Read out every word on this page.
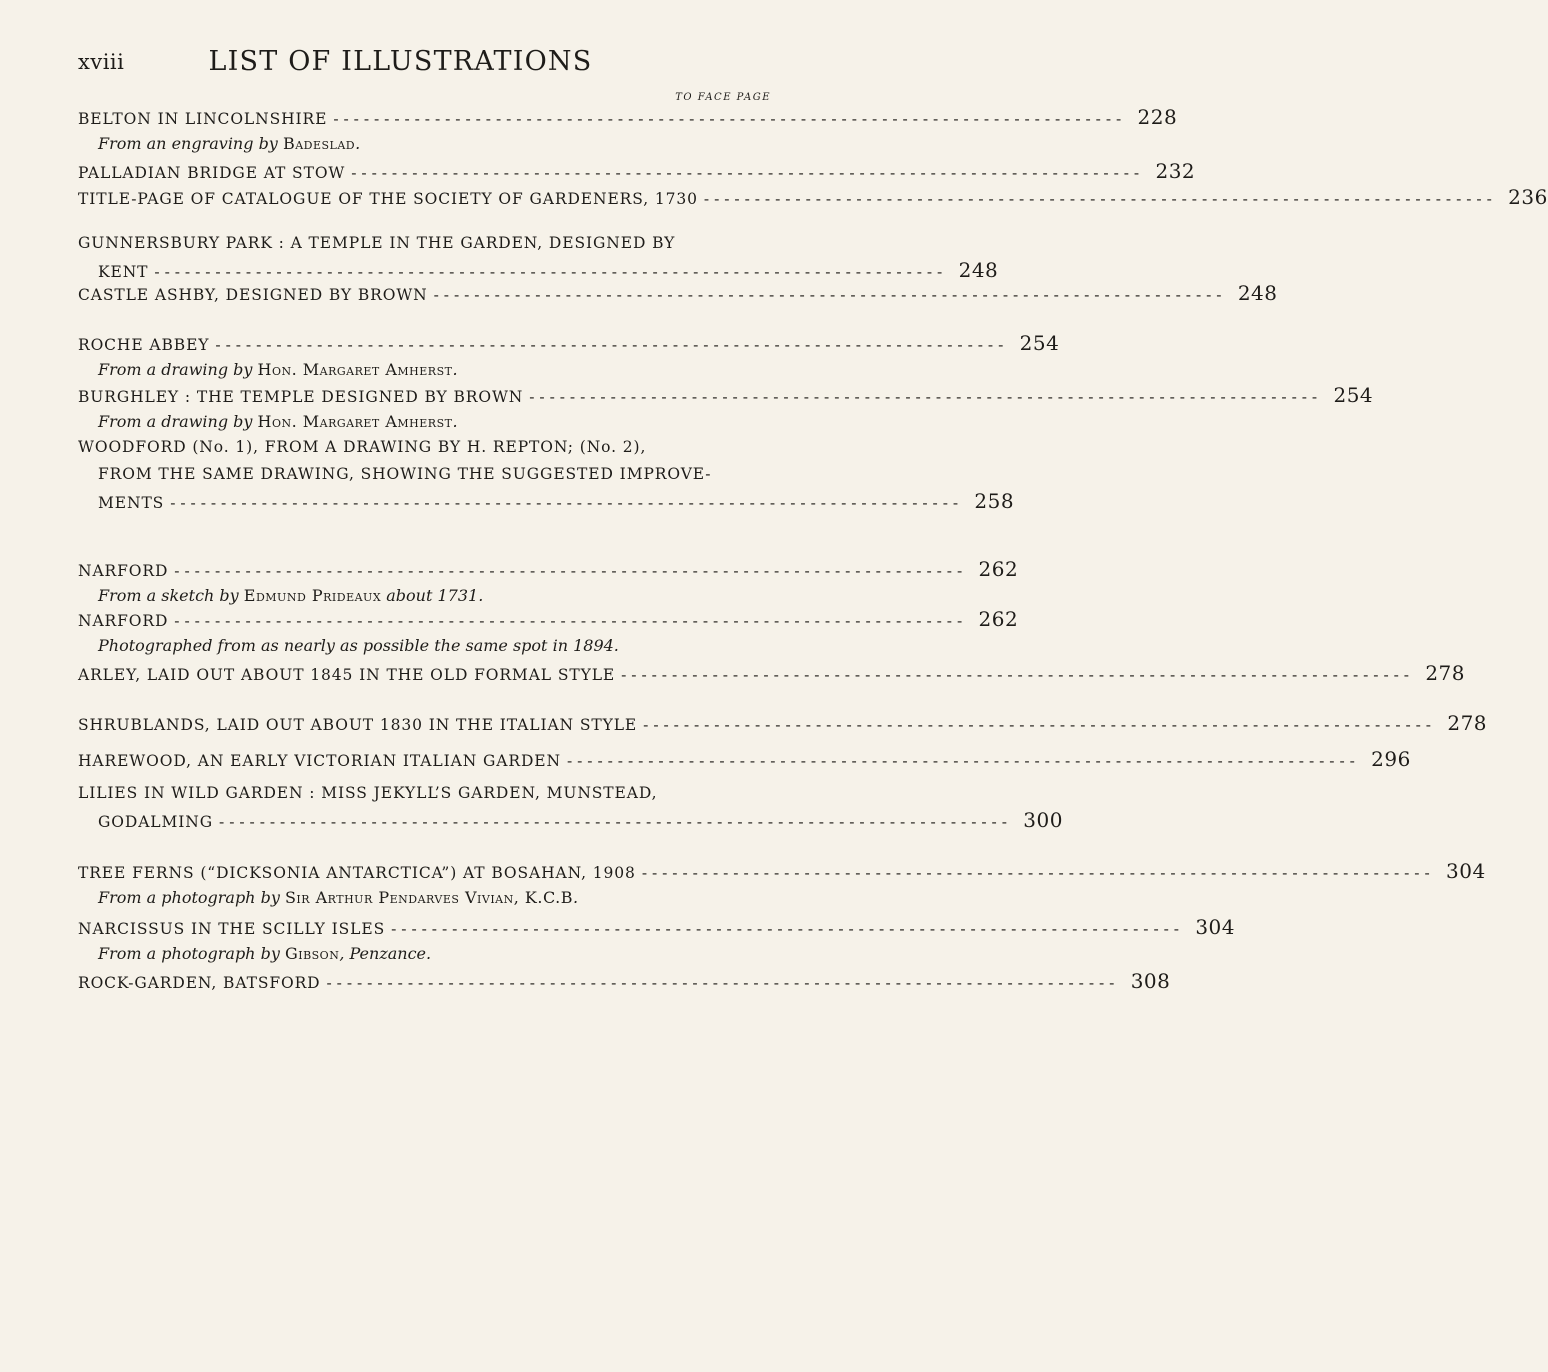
xviii	LIST OF ILLUSTRATIONS
TO FACE PAGE
BELTON IN LINCOLNSHIRE - - - - - - - - - - - - - - - - - - - - - - - - - - - - - - - - - - - - - - - - - - - - - - - - - - - - - - - - - - - - - - - - - - - - - - - - - - - - - - 228
From an engraving by Badeslad.
PALLADIAN BRIDGE AT STOW - - - - - - - - - - - - - - - - - - - - - - - - - - - - - - - - - - - - - - - - - - - - - - - - - - - - - - - - - - - - - - - - - - - - - - - - - - - - - - 232
TITLE-PAGE OF CATALOGUE OF THE SOCIETY OF GARDENERS, 1730 - - - - - - - - - - - - - - - - - - - - - - - - - - - - - - - - - - - - - - - - - - - - - - - - - - - - - - - - - - - - - - - - - - - - - - - - - - - - - - 236
GUNNERSBURY PARK : A TEMPLE IN THE GARDEN, DESIGNED BY
KENT - - - - - - - - - - - - - - - - - - - - - - - - - - - - - - - - - - - - - - - - - - - - - - - - - - - - - - - - - - - - - - - - - - - - - - - - - - - - - - 248
CASTLE ASHBY, DESIGNED BY BROWN - - - - - - - - - - - - - - - - - - - - - - - - - - - - - - - - - - - - - - - - - - - - - - - - - - - - - - - - - - - - - - - - - - - - - - - - - - - - - - 248
ROCHE ABBEY - - - - - - - - - - - - - - - - - - - - - - - - - - - - - - - - - - - - - - - - - - - - - - - - - - - - - - - - - - - - - - - - - - - - - - - - - - - - - - 254
From a drawing by Hon. Margaret Amherst.
BURGHLEY : THE TEMPLE DESIGNED BY BROWN - - - - - - - - - - - - - - - - - - - - - - - - - - - - - - - - - - - - - - - - - - - - - - - - - - - - - - - - - - - - - - - - - - - - - - - - - - - - - - 254
From a drawing by Hon. Margaret Amherst.
WOODFORD (No. 1), FROM A DRAWING BY H. REPTON; (No. 2),
FROM THE SAME DRAWING, SHOWING THE SUGGESTED IMPROVE-
MENTS - - - - - - - - - - - - - - - - - - - - - - - - - - - - - - - - - - - - - - - - - - - - - - - - - - - - - - - - - - - - - - - - - - - - - - - - - - - - - - 258
NARFORD - - - - - - - - - - - - - - - - - - - - - - - - - - - - - - - - - - - - - - - - - - - - - - - - - - - - - - - - - - - - - - - - - - - - - - - - - - - - - - 262
From a sketch by Edmund Prideaux about 1731.
NARFORD - - - - - - - - - - - - - - - - - - - - - - - - - - - - - - - - - - - - - - - - - - - - - - - - - - - - - - - - - - - - - - - - - - - - - - - - - - - - - - 262
Photographed from as nearly as possible the same spot in 1894.
ARLEY, LAID OUT ABOUT 1845 IN THE OLD FORMAL STYLE - - - - - - - - - - - - - - - - - - - - - - - - - - - - - - - - - - - - - - - - - - - - - - - - - - - - - - - - - - - - - - - - - - - - - - - - - - - - - - 278
SHRUBLANDS, LAID OUT ABOUT 1830 IN THE ITALIAN STYLE - - - - - - - - - - - - - - - - - - - - - - - - - - - - - - - - - - - - - - - - - - - - - - - - - - - - - - - - - - - - - - - - - - - - - - - - - - - - - - 278
HAREWOOD, AN EARLY VICTORIAN ITALIAN GARDEN - - - - - - - - - - - - - - - - - - - - - - - - - - - - - - - - - - - - - - - - - - - - - - - - - - - - - - - - - - - - - - - - - - - - - - - - - - - - - - 296
LILIES IN WILD GARDEN : MISS JEKYLL’S GARDEN, MUNSTEAD,
GODALMING - - - - - - - - - - - - - - - - - - - - - - - - - - - - - - - - - - - - - - - - - - - - - - - - - - - - - - - - - - - - - - - - - - - - - - - - - - - - - - 300
TREE FERNS (“DICKSONIA ANTARCTICA”) AT BOSAHAN, 1908 - - - - - - - - - - - - - - - - - - - - - - - - - - - - - - - - - - - - - - - - - - - - - - - - - - - - - - - - - - - - - - - - - - - - - - - - - - - - - - 304
From a photograph by Sir Arthur Pendarves Vivian, K.C.B.
NARCISSUS IN THE SCILLY ISLES - - - - - - - - - - - - - - - - - - - - - - - - - - - - - - - - - - - - - - - - - - - - - - - - - - - - - - - - - - - - - - - - - - - - - - - - - - - - - - 304
From a photograph by Gibson, Penzance.
ROCK-GARDEN, BATSFORD - - - - - - - - - - - - - - - - - - - - - - - - - - - - - - - - - - - - - - - - - - - - - - - - - - - - - - - - - - - - - - - - - - - - - - - - - - - - - - 308
